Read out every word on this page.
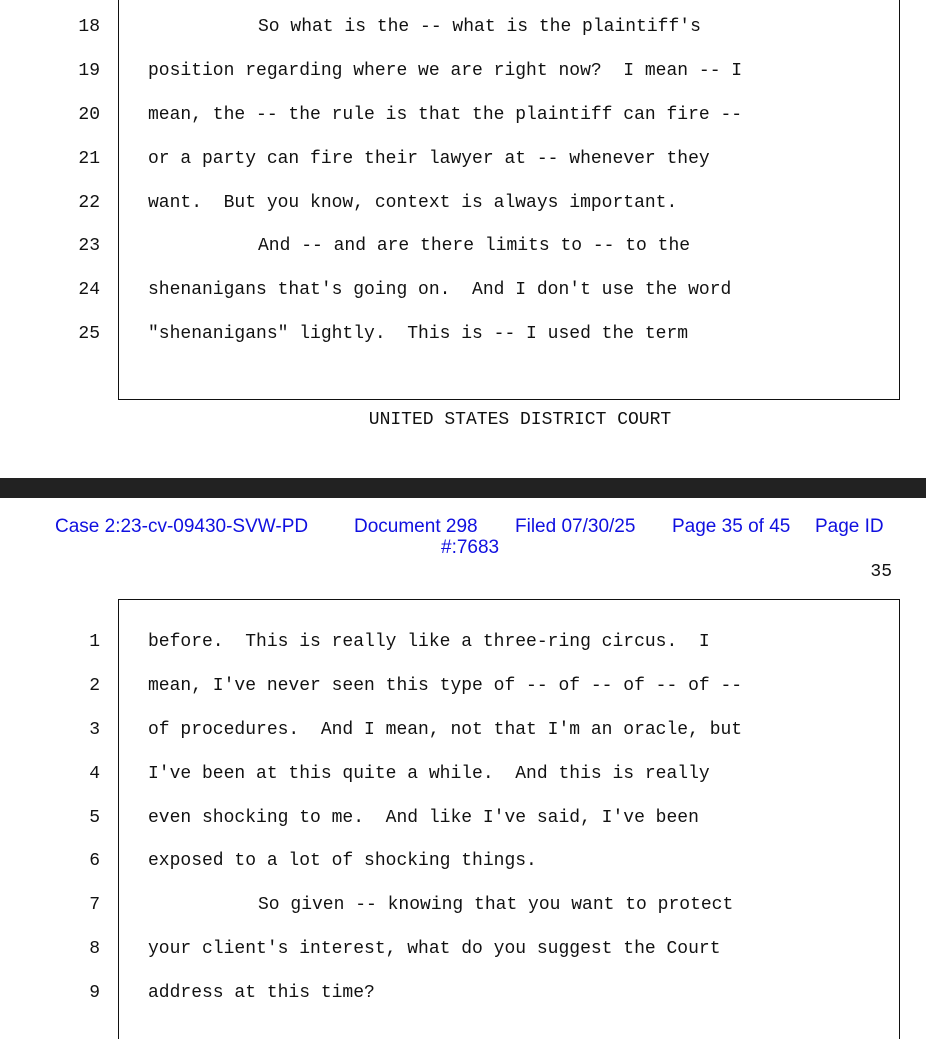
18	So what is the -- what is the plaintiff's
19	position regarding where we are right now?  I mean -- I
20	mean, the -- the rule is that the plaintiff can fire --
21	or a party can fire their lawyer at -- whenever they
22	want.  But you know, context is always important.
23	And -- and are there limits to -- to the
24	shenanigans that's going on.  And I don't use the word
25	"shenanigans" lightly.  This is -- I used the term
UNITED STATES DISTRICT COURT
Case 2:23-cv-09430-SVW-PD Document 298 Filed 07/30/25 Page 35 of 45 Page ID
#:7683
35
1	before.  This is really like a three-ring circus.  I
2	mean, I've never seen this type of -- of -- of -- of --
3	of procedures.  And I mean, not that I'm an oracle, but
4	I've been at this quite a while.  And this is really
5	even shocking to me.  And like I've said, I've been
6	exposed to a lot of shocking things.
7	So given -- knowing that you want to protect
8	your client's interest, what do you suggest the Court
9	address at this time?
